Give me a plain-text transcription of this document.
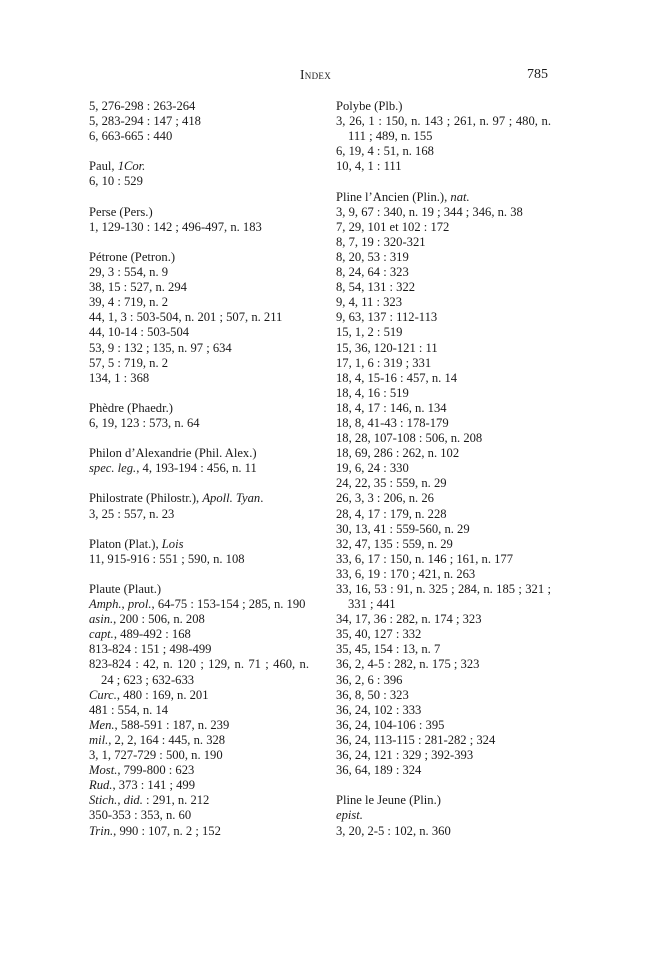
Index	785
5, 276-298 : 263-264
5, 283-294 : 147 ; 418
6, 663-665 : 440
Paul, 1Cor.
6, 10 : 529
Perse (Pers.)
1, 129-130 : 142 ; 496-497, n. 183
Pétrone (Petron.)
29, 3 : 554, n. 9
38, 15 : 527, n. 294
39, 4 : 719, n. 2
44, 1, 3 : 503-504, n. 201 ; 507, n. 211
44, 10-14 : 503-504
53, 9 : 132 ; 135, n. 97 ; 634
57, 5 : 719, n. 2
134, 1 : 368
Phèdre (Phaedr.)
6, 19, 123 : 573, n. 64
Philon d’Alexandrie (Phil. Alex.)
spec. leg., 4, 193-194 : 456, n. 11
Philostrate (Philostr.), Apoll. Tyan.
3, 25 : 557, n. 23
Platon (Plat.), Lois
11, 915-916 : 551 ; 590, n. 108
Plaute (Plaut.)
Amph., prol., 64-75 : 153-154 ; 285, n. 190
asin., 200 : 506, n. 208
capt., 489-492 : 168
813-824 : 151 ; 498-499
823-824 : 42, n. 120 ; 129, n. 71 ; 460, n. 24 ; 623 ; 632-633
Curc., 480 : 169, n. 201
481 : 554, n. 14
Men., 588-591 : 187, n. 239
mil., 2, 2, 164 : 445, n. 328
3, 1, 727-729 : 500, n. 190
Most., 799-800 : 623
Rud., 373 : 141 ; 499
Stich., did. : 291, n. 212
350-353 : 353, n. 60
Trin., 990 : 107, n. 2 ; 152
Polybe (Plb.)
3, 26, 1 : 150, n. 143 ; 261, n. 97 ; 480, n. 111 ; 489, n. 155
6, 19, 4 : 51, n. 168
10, 4, 1 : 111
Pline l’Ancien (Plin.), nat.
3, 9, 67 : 340, n. 19 ; 344 ; 346, n. 38
7, 29, 101 et 102 : 172
8, 7, 19 : 320-321
8, 20, 53 : 319
8, 24, 64 : 323
8, 54, 131 : 322
9, 4, 11 : 323
9, 63, 137 : 112-113
15, 1, 2 : 519
15, 36, 120-121 : 11
17, 1, 6 : 319 ; 331
18, 4, 15-16 : 457, n. 14
18, 4, 16 : 519
18, 4, 17 : 146, n. 134
18, 8, 41-43 : 178-179
18, 28, 107-108 : 506, n. 208
18, 69, 286 : 262, n. 102
19, 6, 24 : 330
24, 22, 35 : 559, n. 29
26, 3, 3 : 206, n. 26
28, 4, 17 : 179, n. 228
30, 13, 41 : 559-560, n. 29
32, 47, 135 : 559, n. 29
33, 6, 17 : 150, n. 146 ; 161, n. 177
33, 6, 19 : 170 ; 421, n. 263
33, 16, 53 : 91, n. 325 ; 284, n. 185 ; 321 ; 331 ; 441
34, 17, 36 : 282, n. 174 ; 323
35, 40, 127 : 332
35, 45, 154 : 13, n. 7
36, 2, 4-5 : 282, n. 175 ; 323
36, 2, 6 : 396
36, 8, 50 : 323
36, 24, 102 : 333
36, 24, 104-106 : 395
36, 24, 113-115 : 281-282 ; 324
36, 24, 121 : 329 ; 392-393
36, 64, 189 : 324
Pline le Jeune (Plin.)
epist.
3, 20, 2-5 : 102, n. 360
